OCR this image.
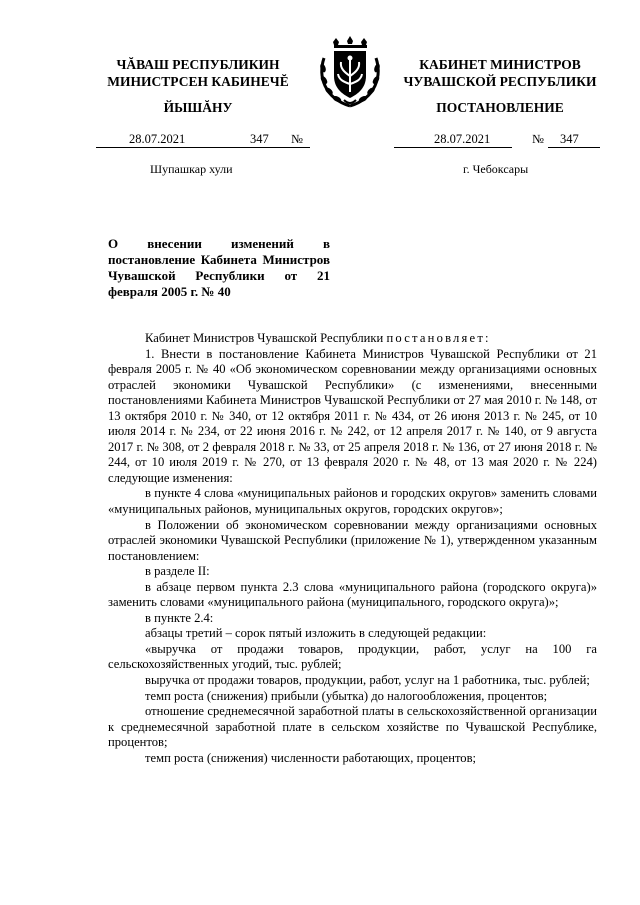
ЧĂВАШ РЕСПУБЛИКИН
МИНИСТРСЕН КАБИНЕЧĔ
ЙЫШĂНУ
28.07.2021	347 №
Шупашкар хули
КАБИНЕТ МИНИСТРОВ
ЧУВАШСКОЙ РЕСПУБЛИКИ
ПОСТАНОВЛЕНИЕ
28.07.2021	№ 347
г. Чебоксары
О внесении изменений в постановление Кабинета Министров Чувашской Республики от 21 февраля 2005 г. № 40

Кабинет Министров Чувашской Республики постановляет:

1. Внести в постановление Кабинета Министров Чувашской Республики от 21 февраля 2005 г. № 40 «Об экономическом соревновании между организациями основных отраслей экономики Чувашской Республики» (с изменениями, внесенными постановлениями Кабинета Министров Чувашской Республики от 27 мая 2010 г. № 148, от 13 октября 2010 г. № 340, от 12 октября 2011 г. № 434, от 26 июня 2013 г. № 245, от 10 июля 2014 г. № 234, от 22 июня 2016 г. № 242, от 12 апреля 2017 г. № 140, от 9 августа 2017 г. № 308, от 2 февраля 2018 г. № 33, от 25 апреля 2018 г. № 136, от 27 июня 2018 г. № 244, от 10 июля 2019 г. № 270, от 13 февраля 2020 г. № 48, от 13 мая 2020 г. № 224) следующие изменения:

в пункте 4 слова «муниципальных районов и городских округов» заменить словами «муниципальных районов, муниципальных округов, городских округов»;

в Положении об экономическом соревновании между организациями основных отраслей экономики Чувашской Республики (приложение № 1), утвержденном указанным постановлением:

в разделе II:

в абзаце первом пункта 2.3 слова «муниципального района (городского округа)» заменить словами «муниципального района (муниципального, городского округа)»;

в пункте 2.4:

абзацы третий – сорок пятый изложить в следующей редакции:

«выручка от продажи товаров, продукции, работ, услуг на 100 га сельскохозяйственных угодий, тыс. рублей;

выручка от продажи товаров, продукции, работ, услуг на 1 работника, тыс. рублей;

темп роста (снижения) прибыли (убытка) до налогообложения, процентов;

отношение среднемесячной заработной платы в сельскохозяйственной организации к среднемесячной заработной плате в сельском хозяйстве по Чувашской Республике, процентов;

темп роста (снижения) численности работающих, процентов;
